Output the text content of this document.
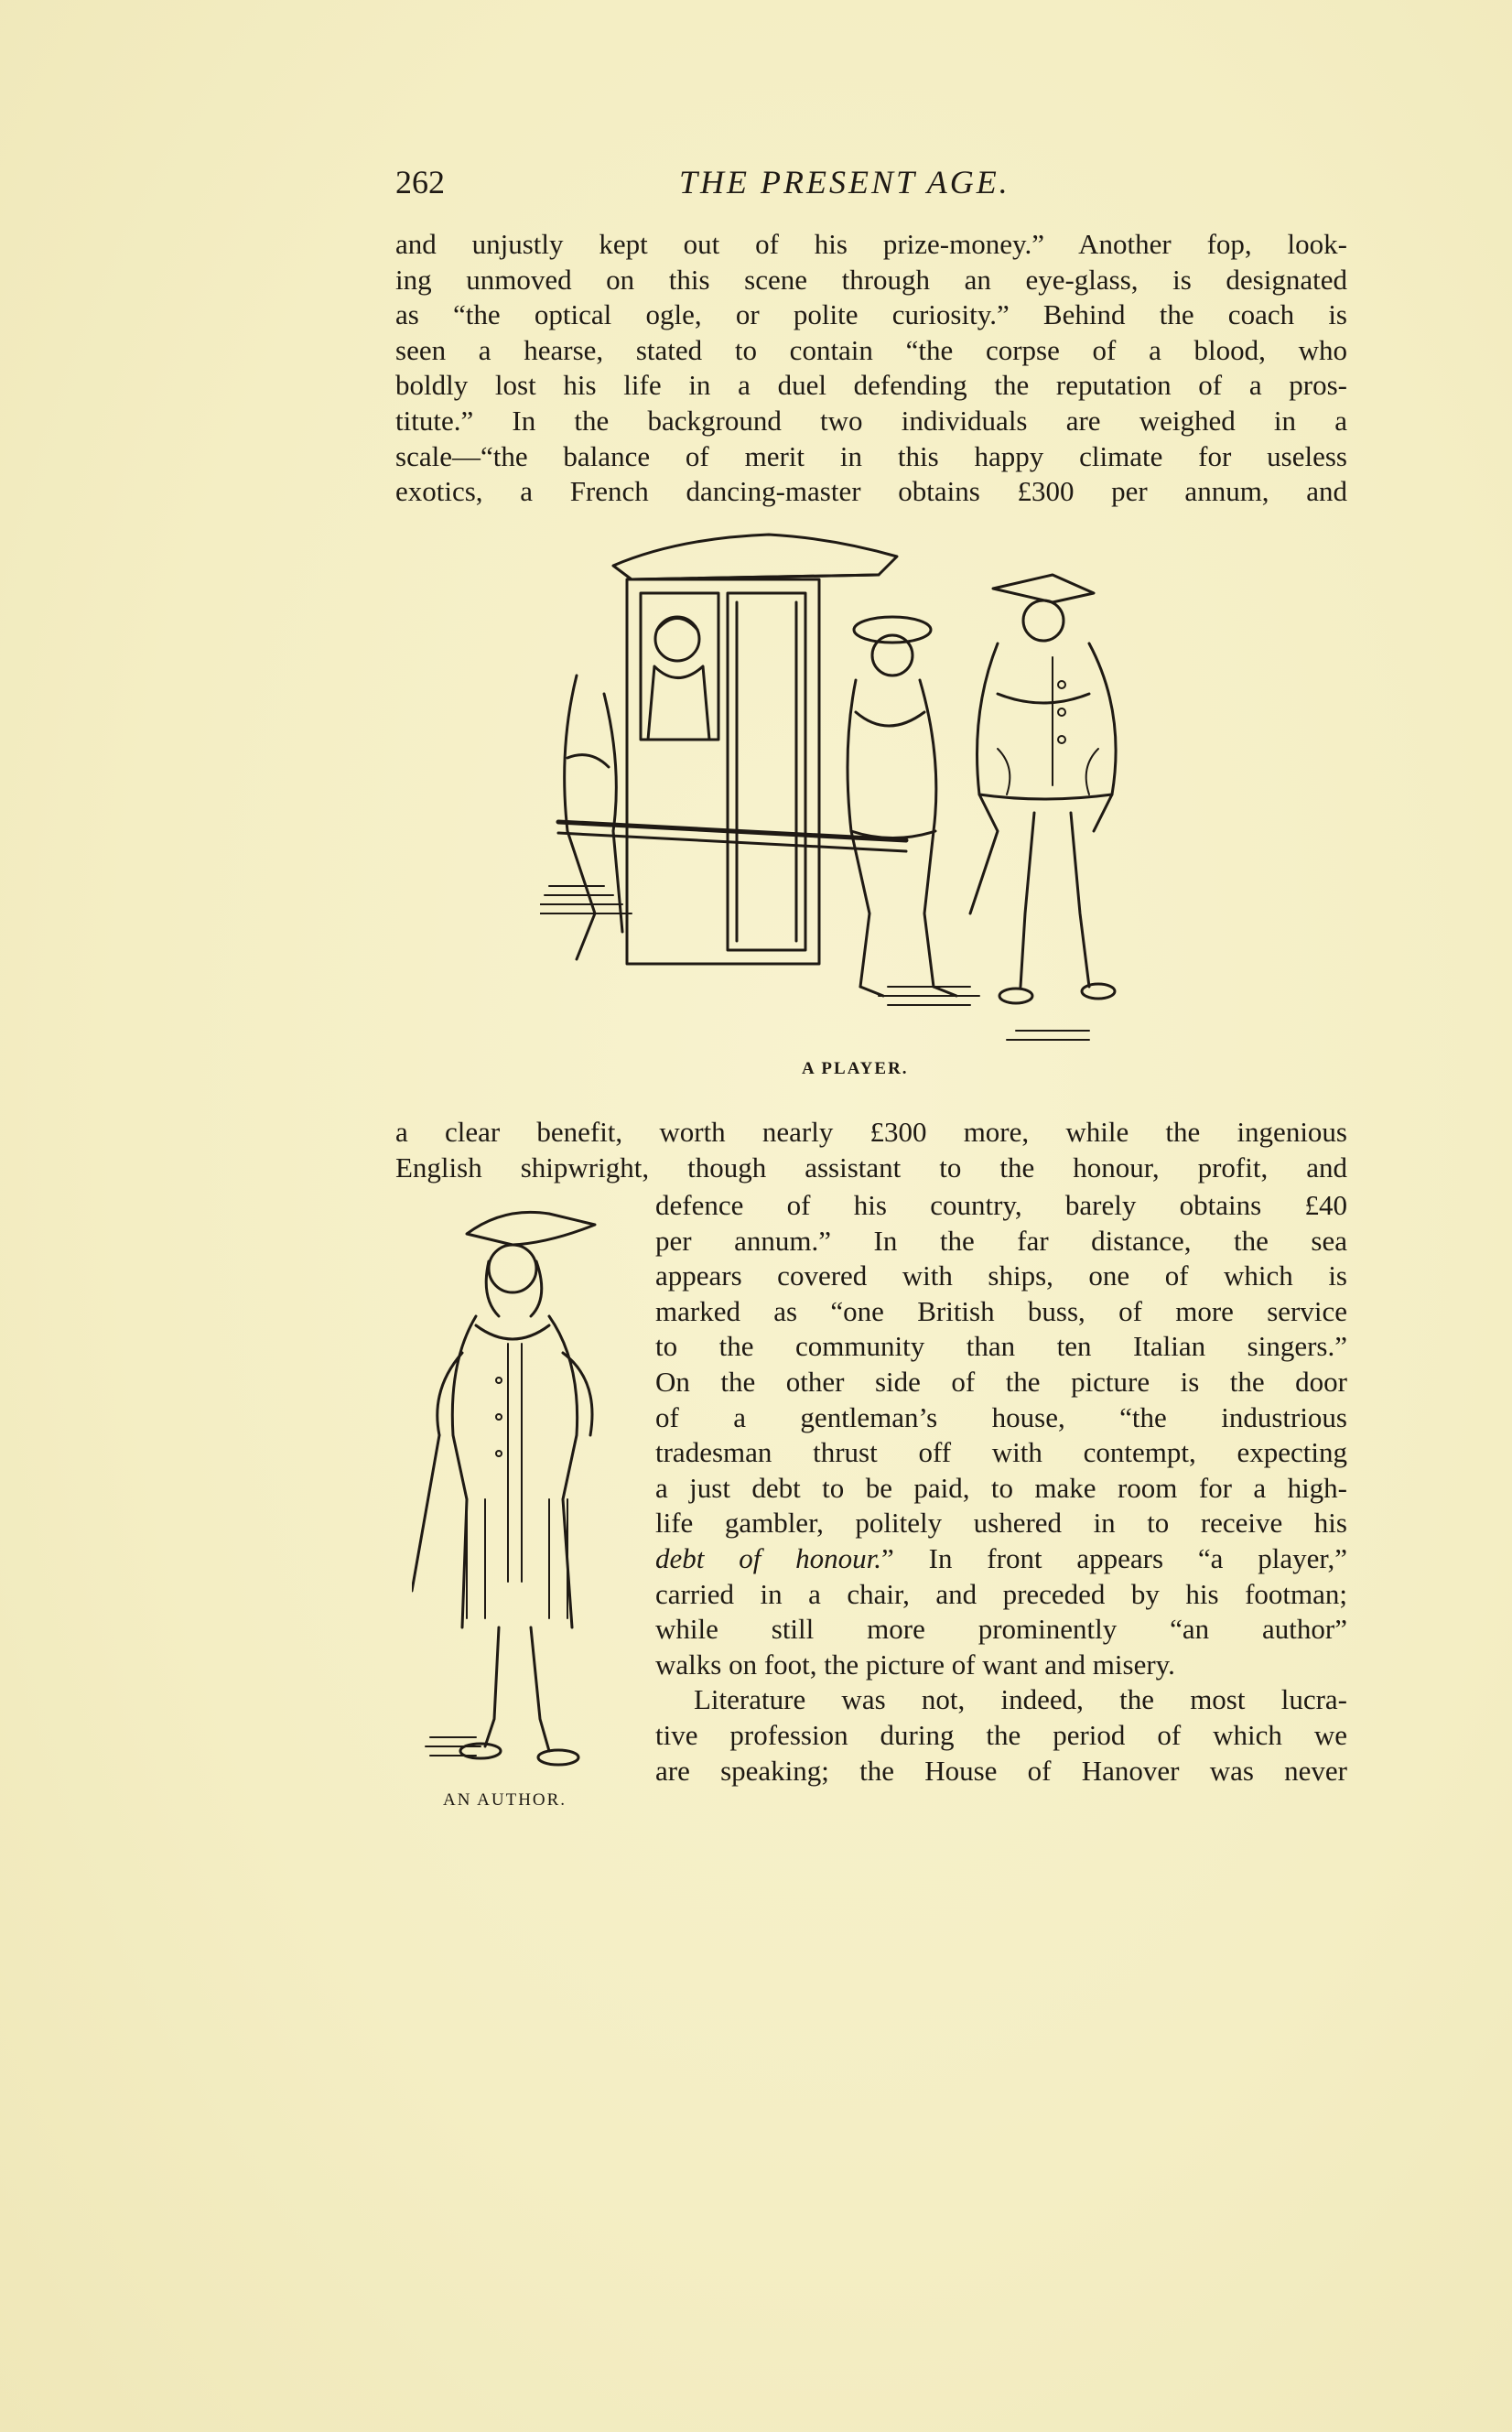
262	THE PRESENT AGE.
and unjustly kept out of his prize-money.” Another fop, look-
ing unmoved on this scene through an eye-glass, is designated
as “the optical ogle, or polite curiosity.” Behind the coach is
seen a hearse, stated to contain “the corpse of a blood, who
boldly lost his life in a duel defending the reputation of a pros-
titute.” In the background two individuals are weighed in a
scale—“the balance of merit in this happy climate for useless
exotics, a French dancing-master obtains £300 per annum, and
A PLAYER.
a clear benefit, worth nearly £300 more, while the ingenious
English shipwright, though assistant to the honour, profit, and
defence of his country, barely obtains £40
per annum.” In the far distance, the sea
appears covered with ships, one of which is
marked as “one British buss, of more service
to the community than ten Italian singers.”
On the other side of the picture is the door
of a gentleman’s house, “the industrious
tradesman thrust off with contempt, expecting
a just debt to be paid, to make room for a high-
life gambler, politely ushered in to receive his
debt of honour.” In front appears “a player,”
carried in a chair, and preceded by his footman;
while still more prominently “an author”
walks on foot, the picture of want and misery.
Literature was not, indeed, the most lucra-
tive profession during the period of which we
are speaking; the House of Hanover was never
AN AUTHOR.
